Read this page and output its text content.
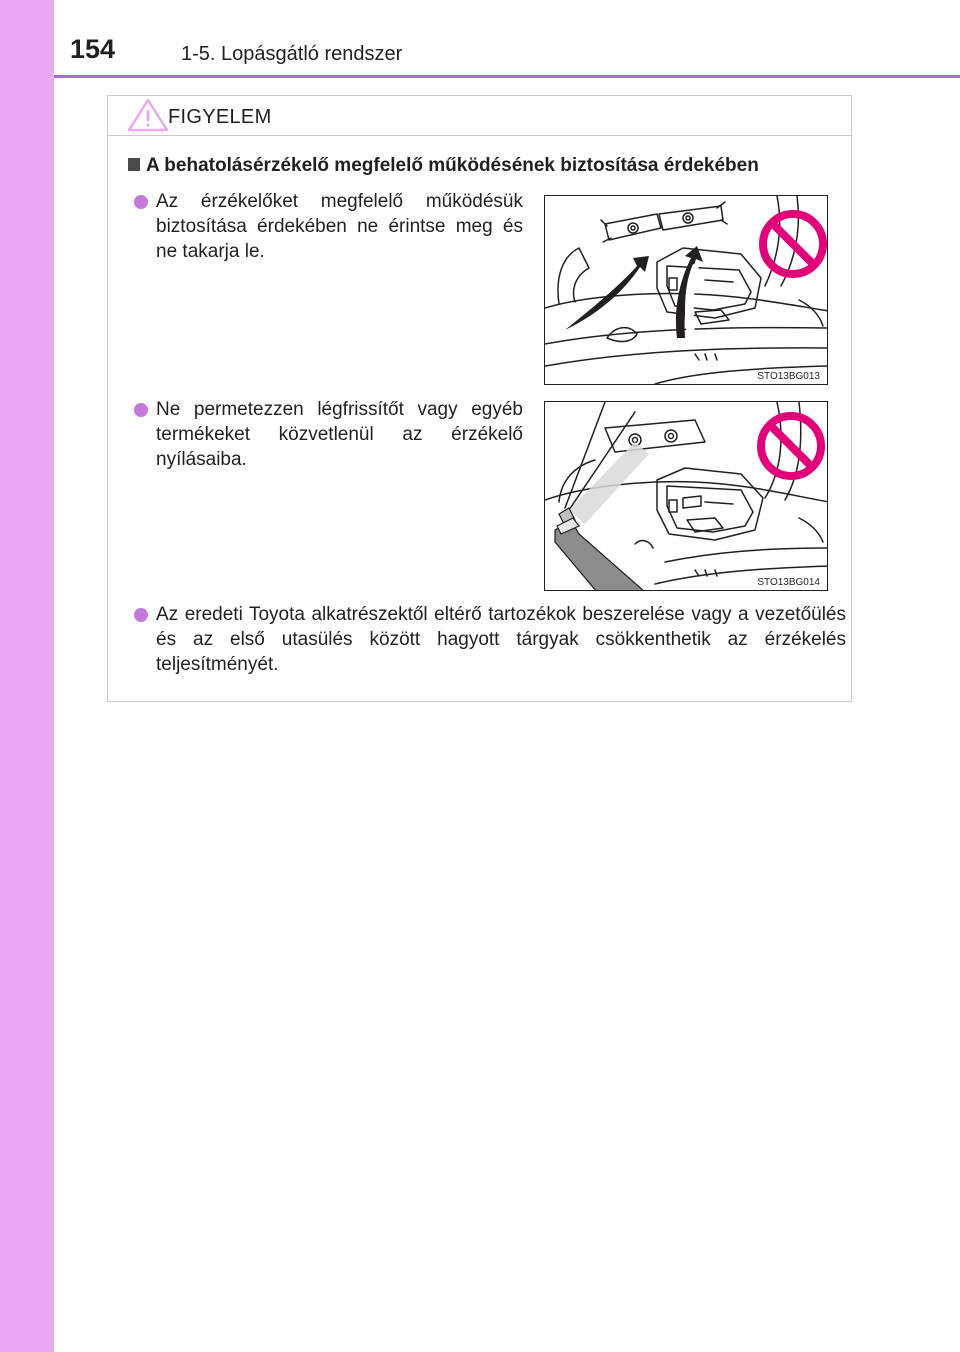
154	1-5. Lopásgátló rendszer
FIGYELEM
A behatolásérzékelő megfelelő működésének biztosítása érdekében
Az érzékelőket megfelelő működésük biztosítása érdekében ne érintse meg és ne takarja le.
STO13BG013
Ne permetezzen légfrissítőt vagy egyéb termékeket közvetlenül az érzékelő nyílásaiba.
STO13BG014
Az eredeti Toyota alkatrészektől eltérő tartozékok beszerelése vagy a vezetőülés és az első utasülés között hagyott tárgyak csökkenthetik az érzékelés teljesítményét.
